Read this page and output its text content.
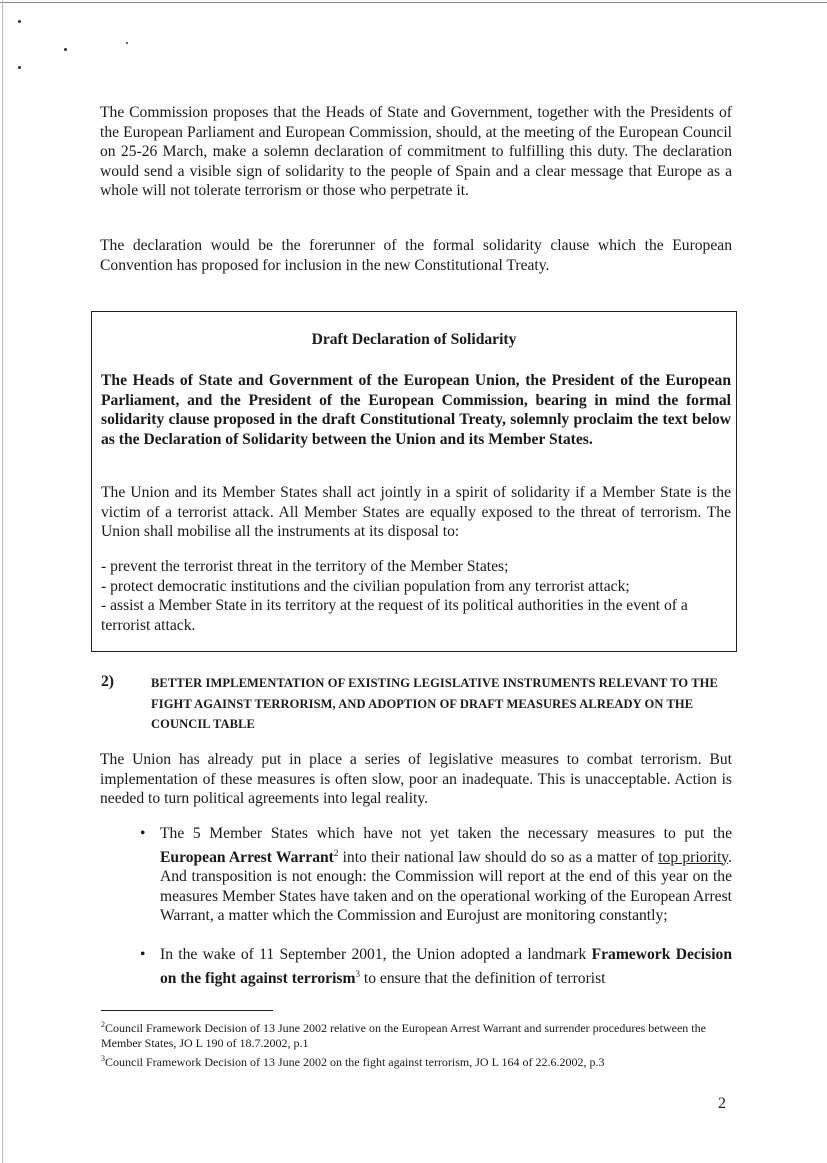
The Commission proposes that the Heads of State and Government, together with the Presidents of the European Parliament and European Commission, should, at the meeting of the European Council on 25-26 March, make a solemn declaration of commitment to fulfilling this duty. The declaration would send a visible sign of solidarity to the people of Spain and a clear message that Europe as a whole will not tolerate terrorism or those who perpetrate it.

The declaration would be the forerunner of the formal solidarity clause which the European Convention has proposed for inclusion in the new Constitutional Treaty.

Draft Declaration of Solidarity
The Heads of State and Government of the European Union, the President of the European Parliament, and the President of the European Commission, bearing in mind the formal solidarity clause proposed in the draft Constitutional Treaty, solemnly proclaim the text below as the Declaration of Solidarity between the Union and its Member States.
The Union and its Member States shall act jointly in a spirit of solidarity if a Member State is the victim of a terrorist attack. All Member States are equally exposed to the threat of terrorism. The Union shall mobilise all the instruments at its disposal to:
- prevent the terrorist threat in the territory of the Member States;
- protect democratic institutions and the civilian population from any terrorist attack;
- assist a Member State in its territory at the request of its political authorities in the event of a terrorist attack.
2)	BETTER IMPLEMENTATION OF EXISTING LEGISLATIVE INSTRUMENTS RELEVANT TO THE FIGHT AGAINST TERRORISM, AND ADOPTION OF DRAFT MEASURES ALREADY ON THE COUNCIL TABLE

The Union has already put in place a series of legislative measures to combat terrorism. But implementation of these measures is often slow, poor an inadequate. This is unacceptable. Action is needed to turn political agreements into legal reality.

• The 5 Member States which have not yet taken the necessary measures to put the European Arrest Warrant$^2$ into their national law should do so as a matter of top priority. And transposition is not enough: the Commission will report at the end of this year on the measures Member States have taken and on the operational working of the European Arrest Warrant, a matter which the Commission and Eurojust are monitoring constantly;
• In the wake of 11 September 2001, the Union adopted a landmark Framework Decision on the fight against terrorism$^3$ to ensure that the definition of terrorist
$^2$Council Framework Decision of 13 June 2002 relative on the European Arrest Warrant and surrender procedures between the Member States, JO L 190 of 18.7.2002, p.1
$^3$Council Framework Decision of 13 June 2002 on the fight against terrorism, JO L 164 of 22.6.2002, p.3
2
